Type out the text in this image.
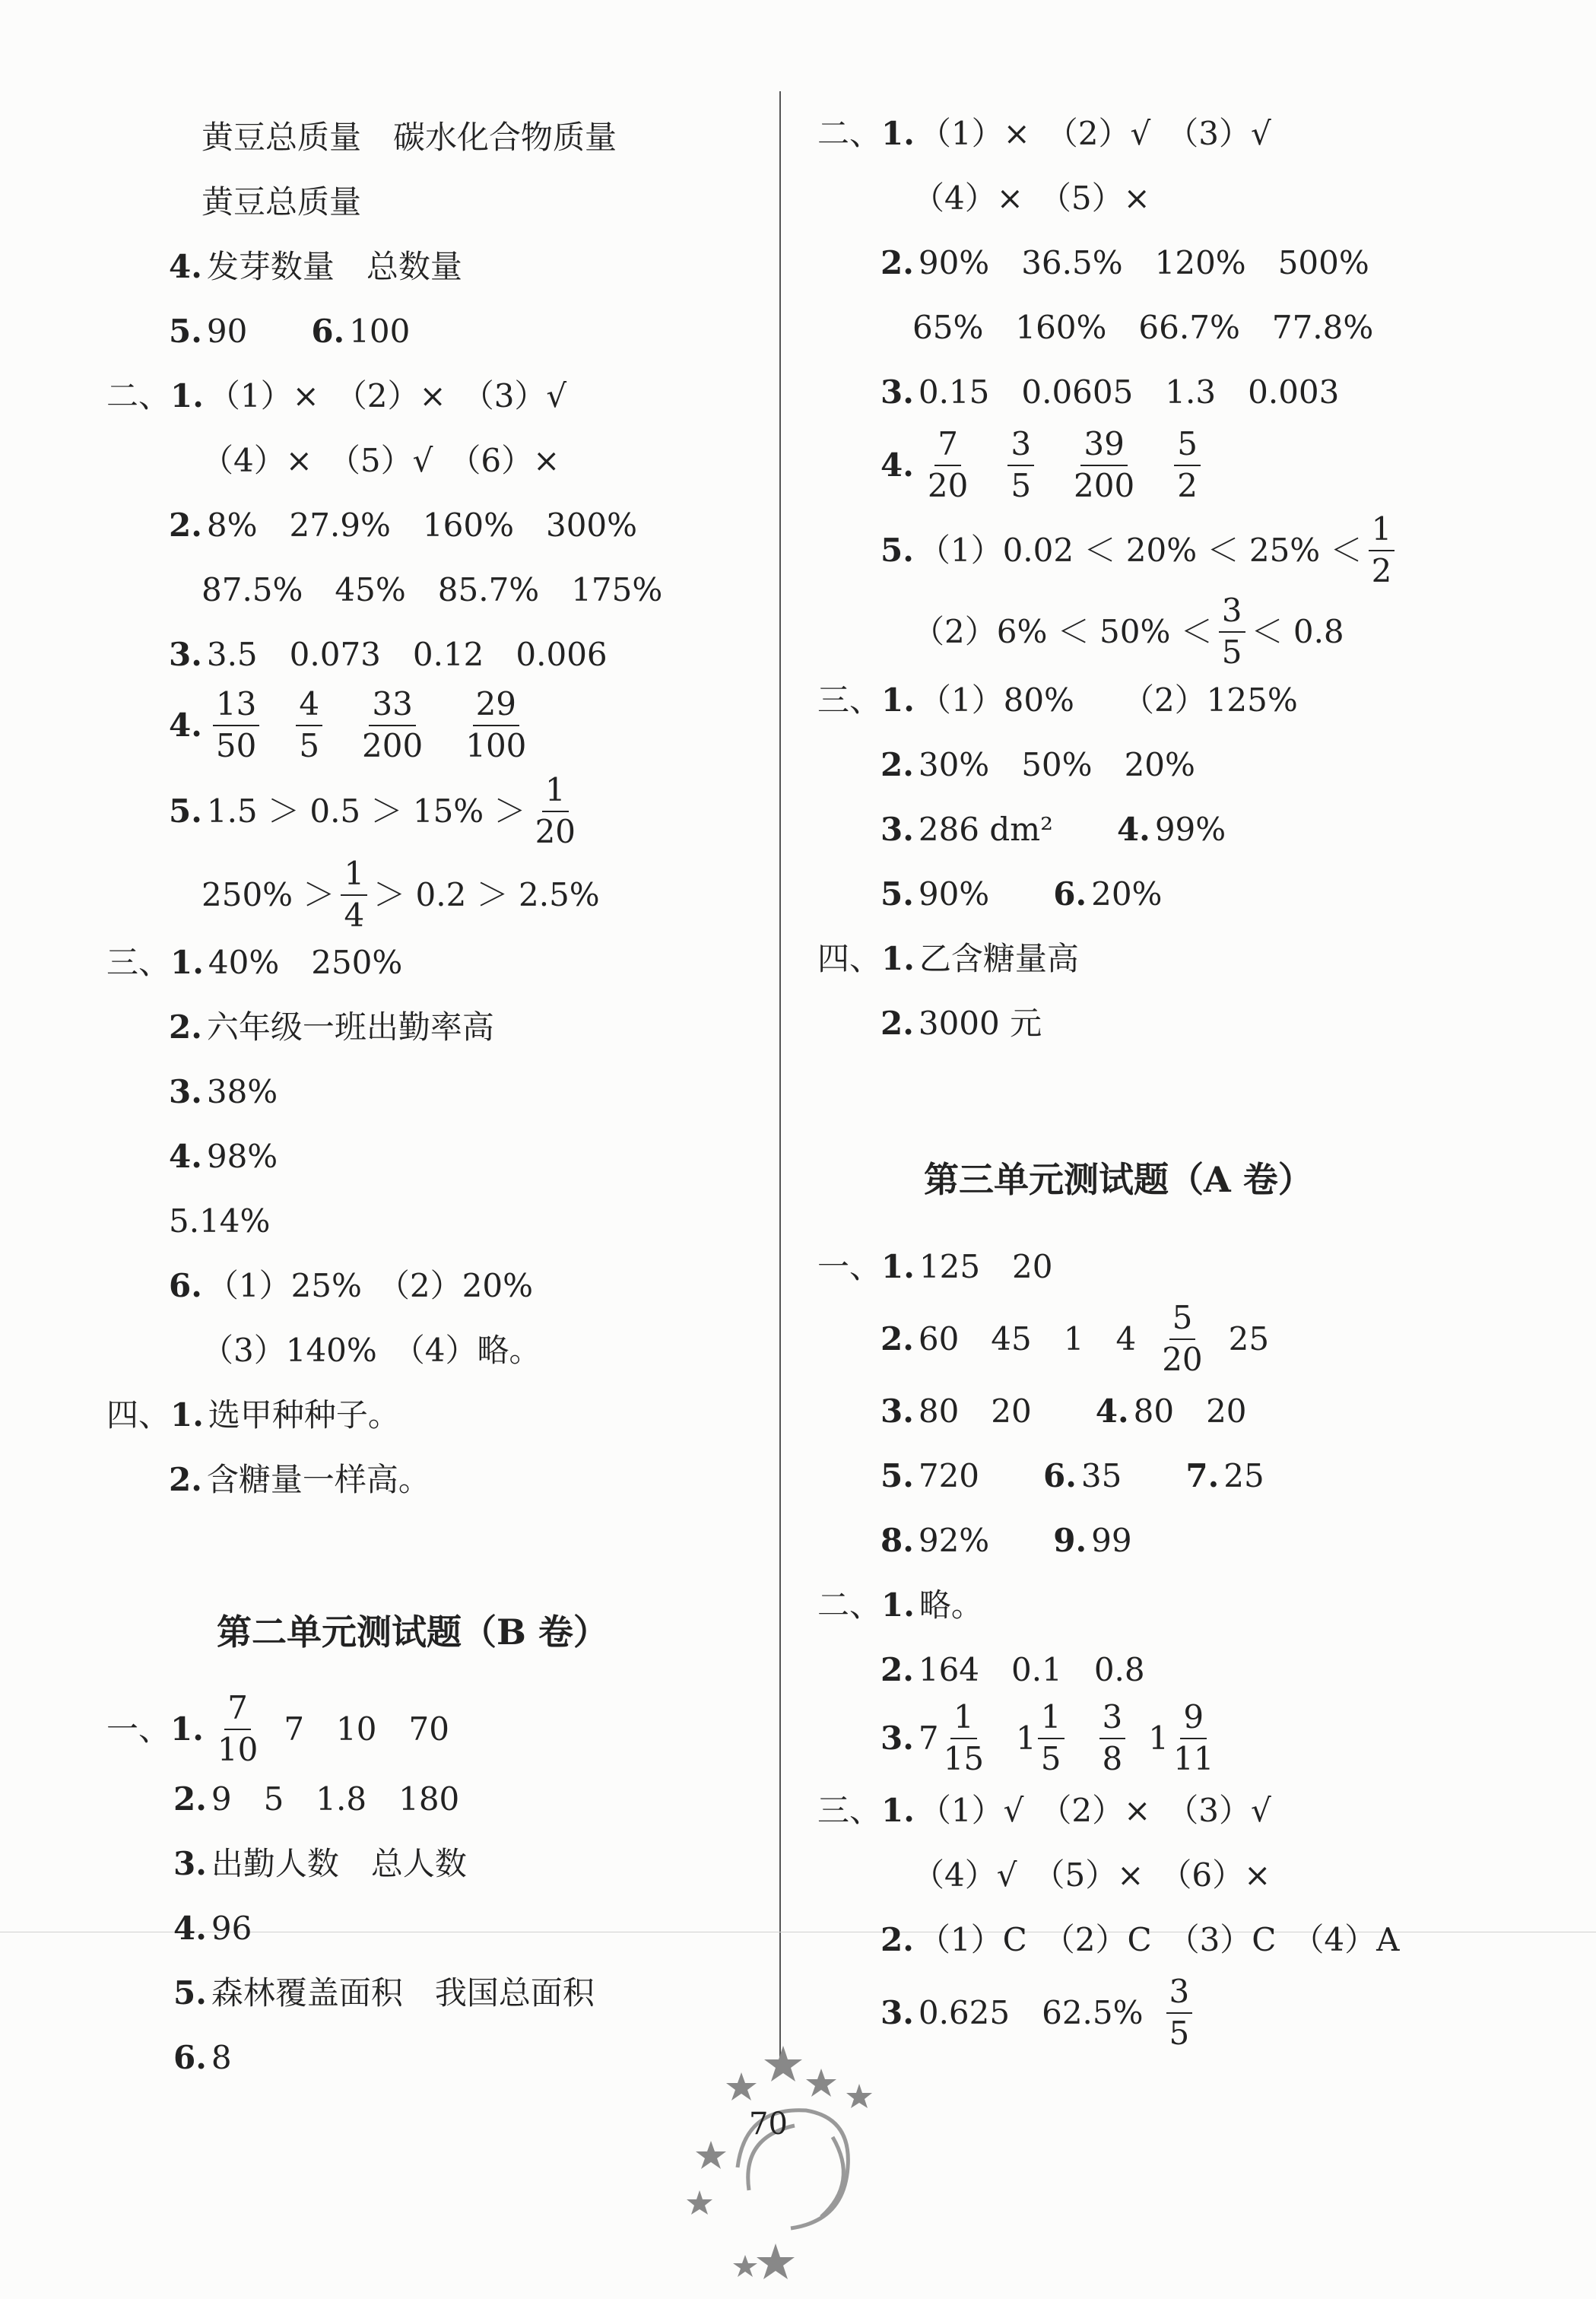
黄豆总质量　 碳水化合物质量
黄豆总质量
4. 发芽数量　总数量
5. 90　　 6. 100
二、1. （1）×　（2）×　（3）√
（4）×　（5）√　（6）×
2. 8%　27.9%　160%　300%
87.5%　45%　85.7%　175%
3. 3.5　0.073　0.12　0.006
4. $\frac{13}{50} \frac{4}{5} \frac{33}{200} \frac{29}{100}$
5. $1.5 > 0.5 > 15\% > \frac{1}{20}$
$250\% > \frac{1}{4} > 0.2 > 2.5\%$
三、1. 40%　250%
2. 六年级一班出勤率高
3. 38%
4. 98%
5.14%
6. （1）25%　（2）20%
（3）140%　（4）略。
四、1. 选甲种种子。
2. 含糖量一样高。
第二单元测试题（B 卷）
一、 1. $\frac{7}{10} 7$　10　70
2. 9　5　1.8　180
3. 出勤人数　总人数
4. 96
5. 森林覆盖面积　我国总面积
6. 8
二、1. （1）×　（2）√　（3）√
（4）×　（5）×
2. 90%　36.5%　120%　500%
65%　160%　66.7%　77.8%
3. 0.15　0.0605　1.3　0.003
4. $\frac{7}{20} \frac{3}{5} \frac{39}{200} \frac{5}{2}$
5. $(1)0.02 < 20\% < 25\% < \frac{1}{2}$
$(2)6\% < 50\% < \frac{3}{5} < 0.8$
三、1. （1）80%　　（2）125%
2. 30%　50%　20%
3. 286 dm²　　 4. 99%
5. 90%　　 6. 20%
四、1. 乙含糖量高
2. 3000 元
第三单元测试题（A 卷）
一、1. 125　20
2. 60　45　1　$4 \frac{5}{20} 25$
3. 80　20　　 4. 80　20
5. 720　　 6. 35　　 7. 25
8. 92%　　 9. 99
二、1. 略。
2. 164　0.1　0.8
3. $7 \frac{1}{15} 1 \frac{1}{5} \frac{3}{8} 1 \frac{9}{11}$
三、1. （1）√　（2）×　（3）√
（4）√　（5）×　（6）×
2. （1）C　（2）C　（3）C　（4）A
3. 0.625　$62.5\% \frac{3}{5}$
70
